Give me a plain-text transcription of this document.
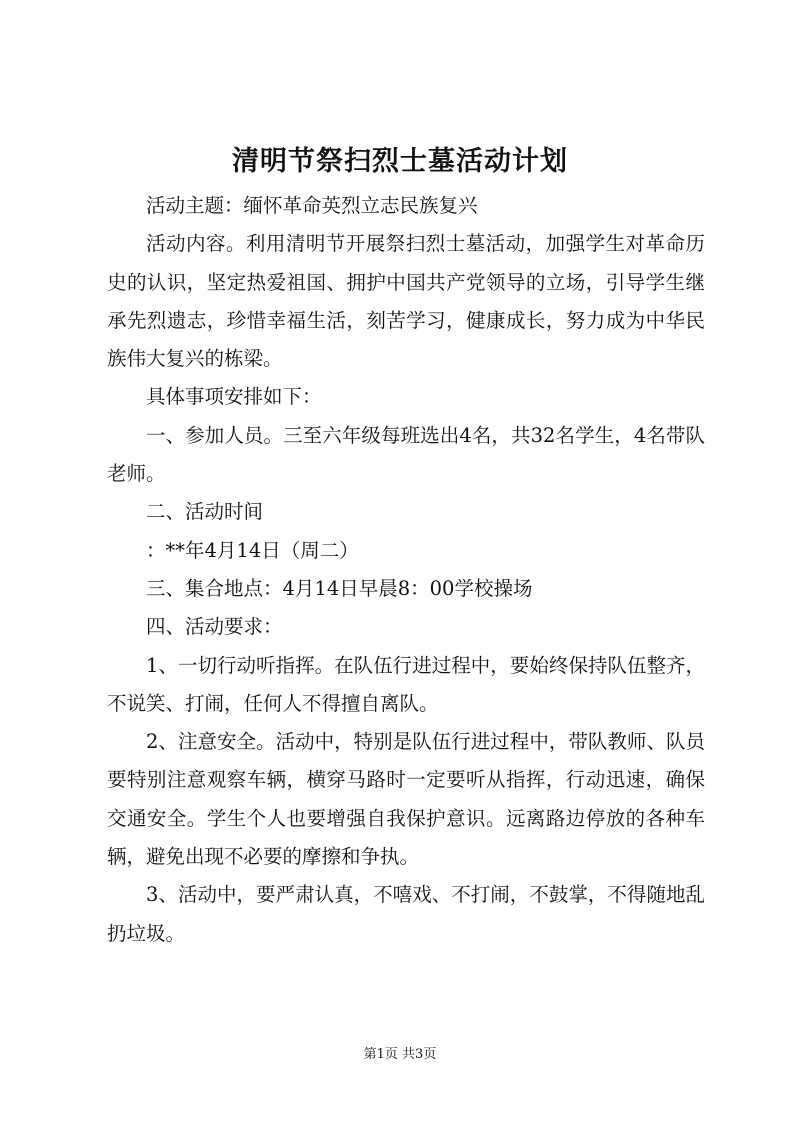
清明节祭扫烈士墓活动计划

活动主题：缅怀革命英烈立志民族复兴

活动内容。利用清明节开展祭扫烈士墓活动，加强学生对革命历史的认识，坚定热爱祖国、拥护中国共产党领导的立场，引导学生继承先烈遗志，珍惜幸福生活，刻苦学习，健康成长，努力成为中华民族伟大复兴的栋梁。

具体事项安排如下：

一、参加人员。三至六年级每班选出4名，共32名学生，4名带队老师。

二、活动时间

：**年4月14日（周二）

三、集合地点：4月14日早晨8：00学校操场

四、活动要求：

1、一切行动听指挥。在队伍行进过程中，要始终保持队伍整齐，不说笑、打闹，任何人不得擅自离队。

2、注意安全。活动中，特别是队伍行进过程中，带队教师、队员要特别注意观察车辆，横穿马路时一定要听从指挥，行动迅速，确保交通安全。学生个人也要增强自我保护意识。远离路边停放的各种车辆，避免出现不必要的摩擦和争执。

3、活动中，要严肃认真，不嘻戏、不打闹，不鼓掌，不得随地乱扔垃圾。

第1页 共3页
